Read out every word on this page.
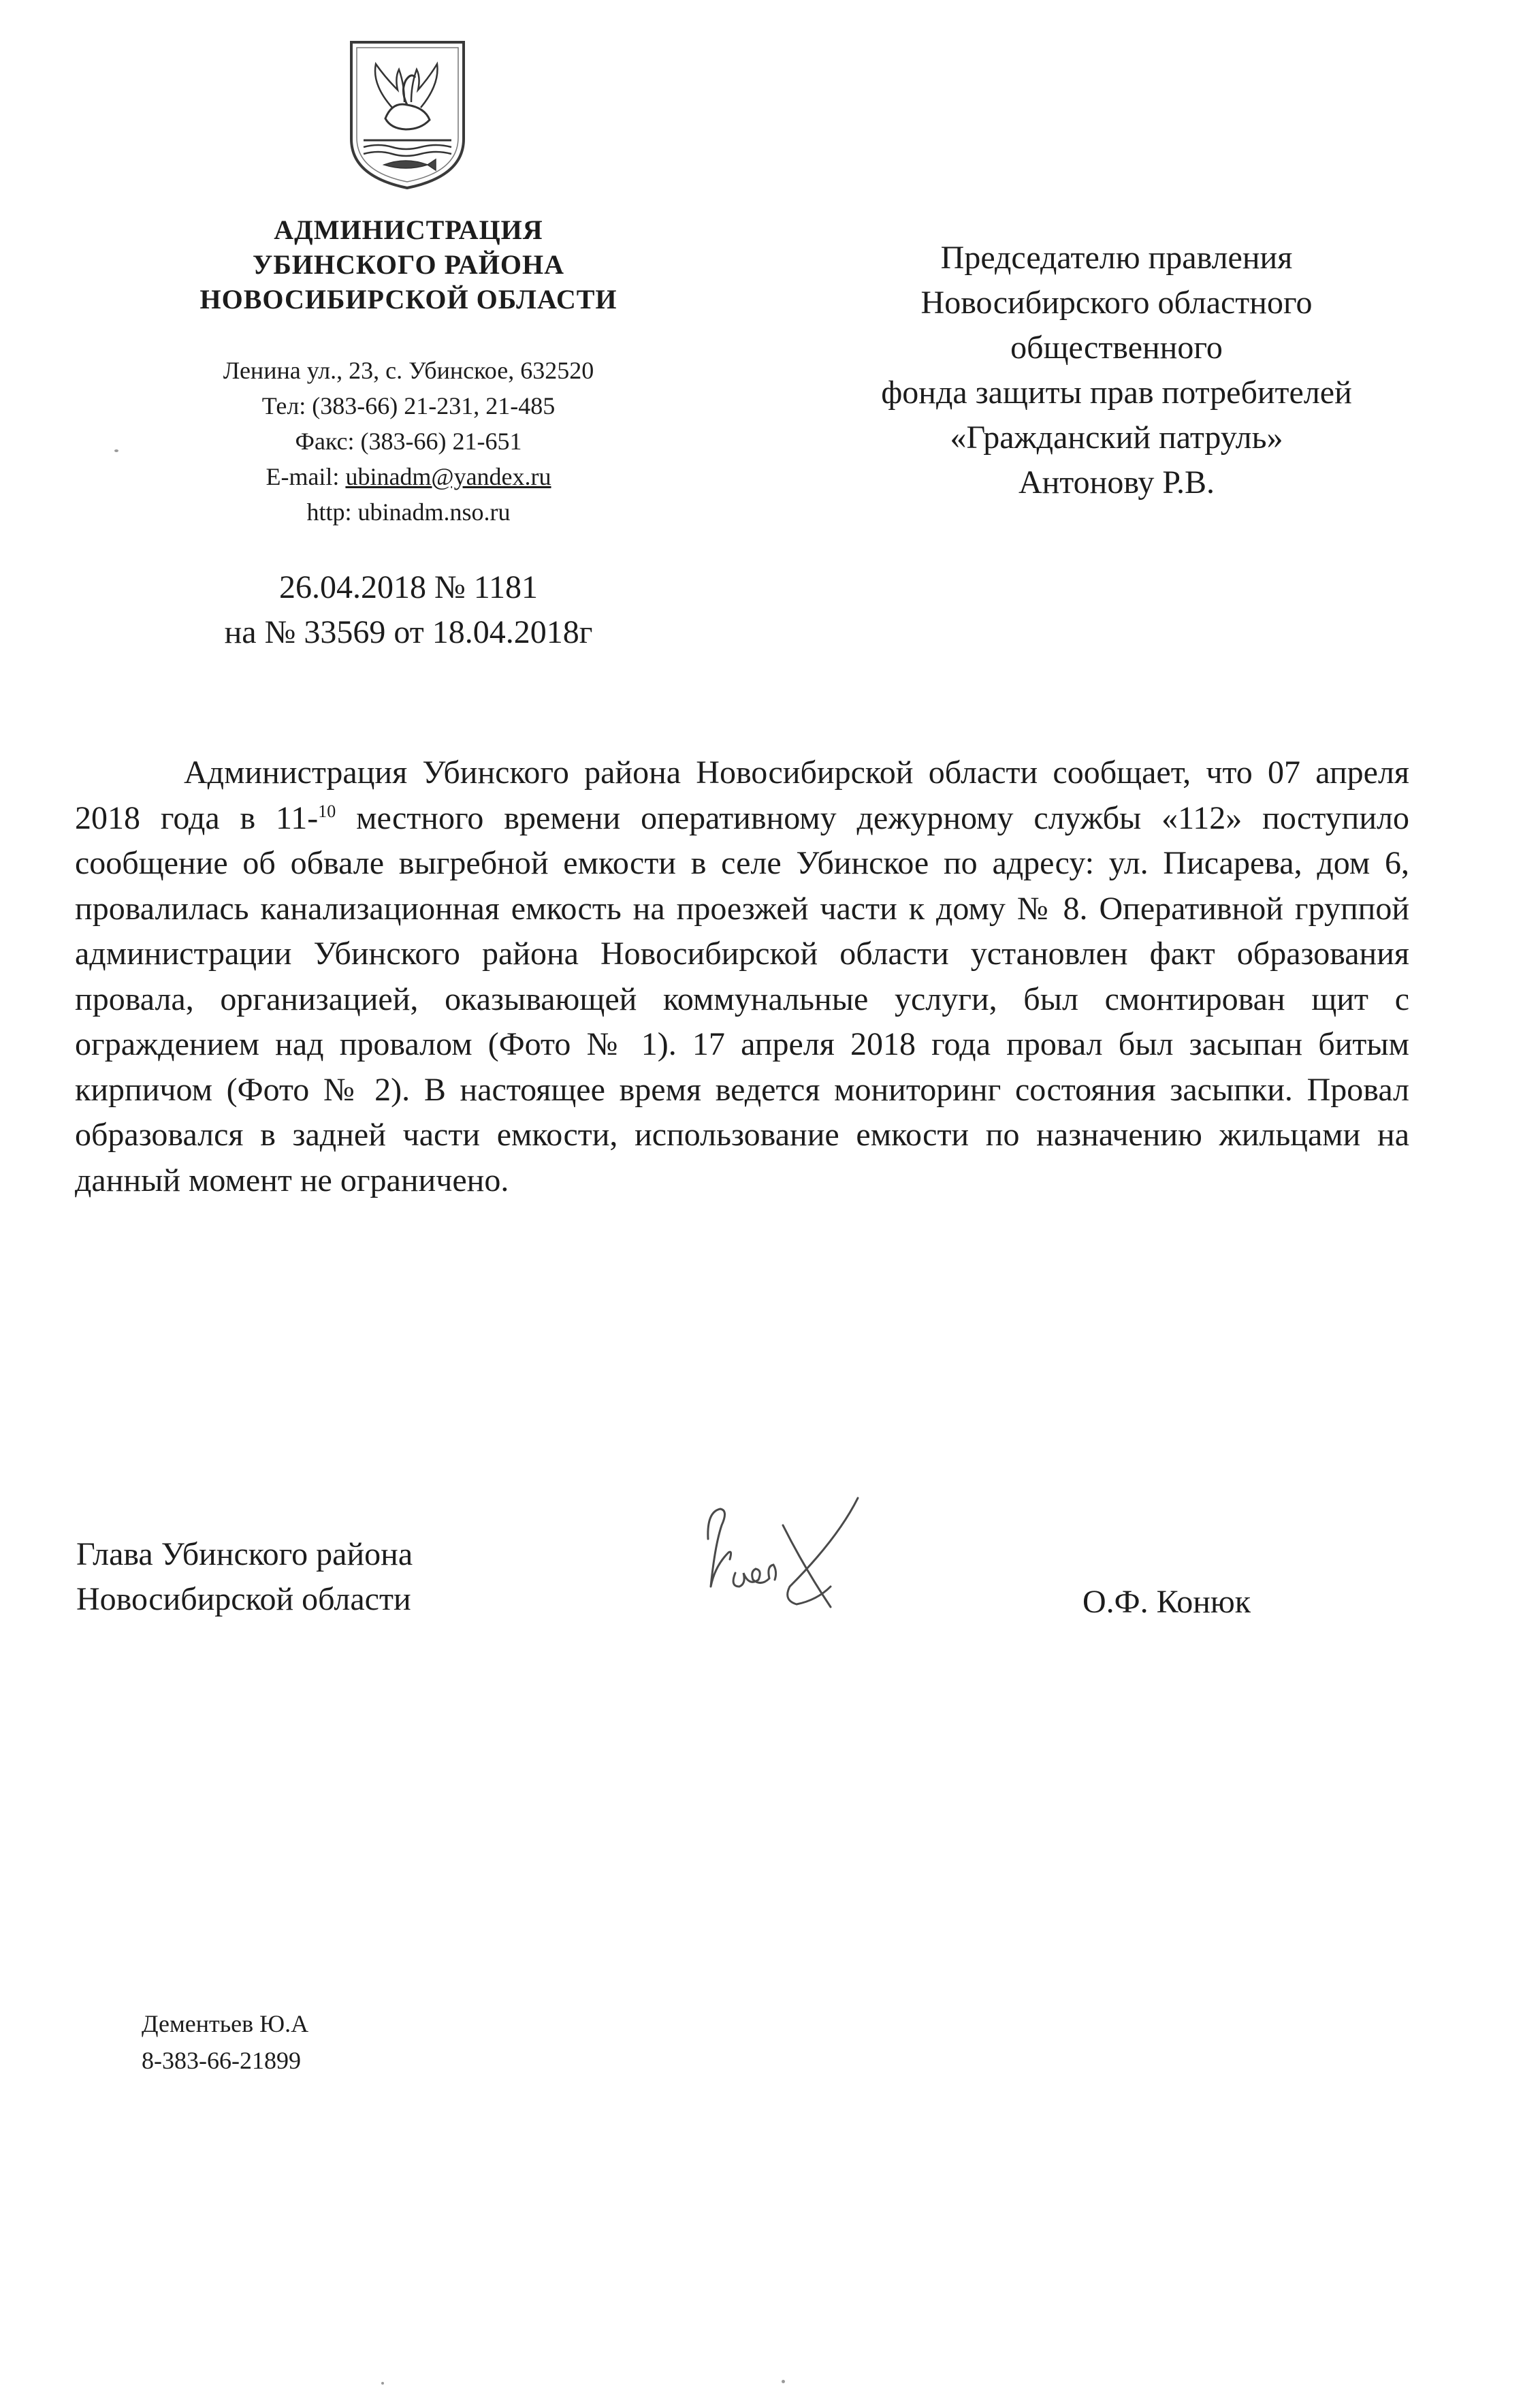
АДМИНИСТРАЦИЯ
УБИНСКОГО РАЙОНА
НОВОСИБИРСКОЙ ОБЛАСТИ
Ленина ул., 23, с. Убинское, 632520
Тел: (383-66) 21-231, 21-485
Факс: (383-66) 21-651
E-mail: ubinadm@yandex.ru
http: ubinadm.nso.ru
26.04.2018 № 1181
на № 33569 от 18.04.2018г
Председателю правления
Новосибирского областного
общественного
фонда защиты прав потребителей
«Гражданский патруль»
Антонову Р.В.
Администрация Убинского района Новосибирской области сообщает, что 07 апреля 2018 года в 11-$^{10}$ местного времени оперативному дежурному службы «112» поступило сообщение об обвале выгребной емкости в селе Убинское по адресу: ул. Писарева, дом 6, провалилась канализационная емкость на проезжей части к дому № 8. Оперативной группой администрации Убинского района Новосибирской области установлен факт образования провала, организацией, оказывающей коммунальные услуги, был смонтирован щит с ограждением над провалом (Фото № 1). 17 апреля 2018 года провал был засыпан битым кирпичом (Фото № 2). В настоящее время ведется мониторинг состояния засыпки. Провал образовался в задней части емкости, использование емкости по назначению жильцами на данный момент не ограничено.
Глава Убинского района
Новосибирской области	О.Ф. Конюк
Дементьев Ю.А
8-383-66-21899
